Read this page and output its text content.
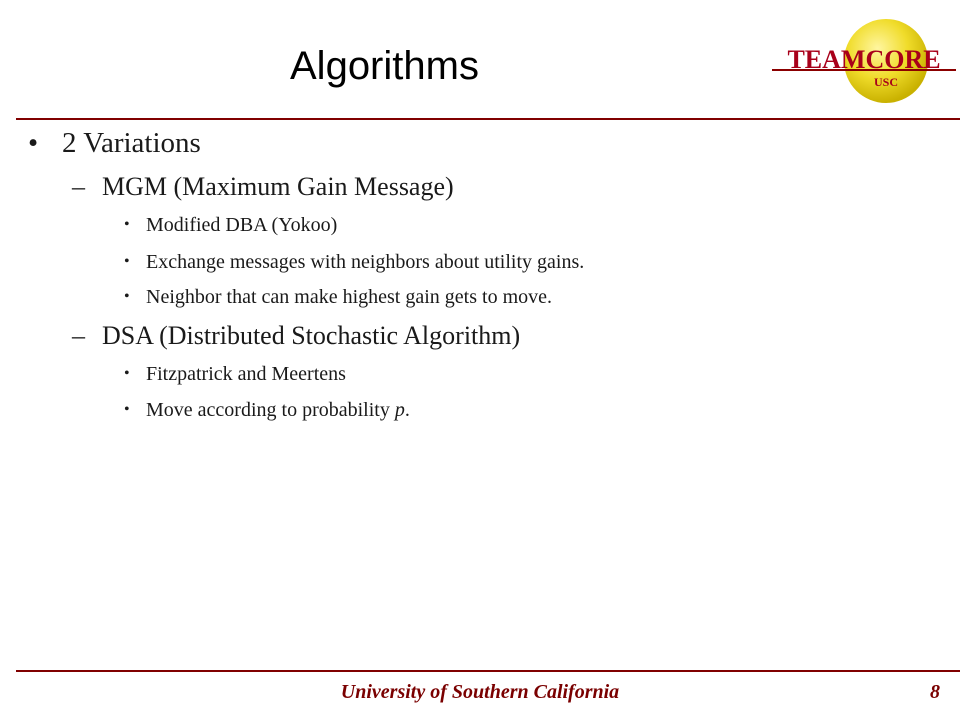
Algorithms	TEAMCORE
USC
• 2 Variations
– MGM (Maximum Gain Message)
• Modified DBA (Yokoo)
• Exchange messages with neighbors about utility gains.
• Neighbor that can make highest gain gets to move.
– DSA (Distributed Stochastic Algorithm)
• Fitzpatrick and Meertens
• Move according to probability p.
University of Southern California	8
